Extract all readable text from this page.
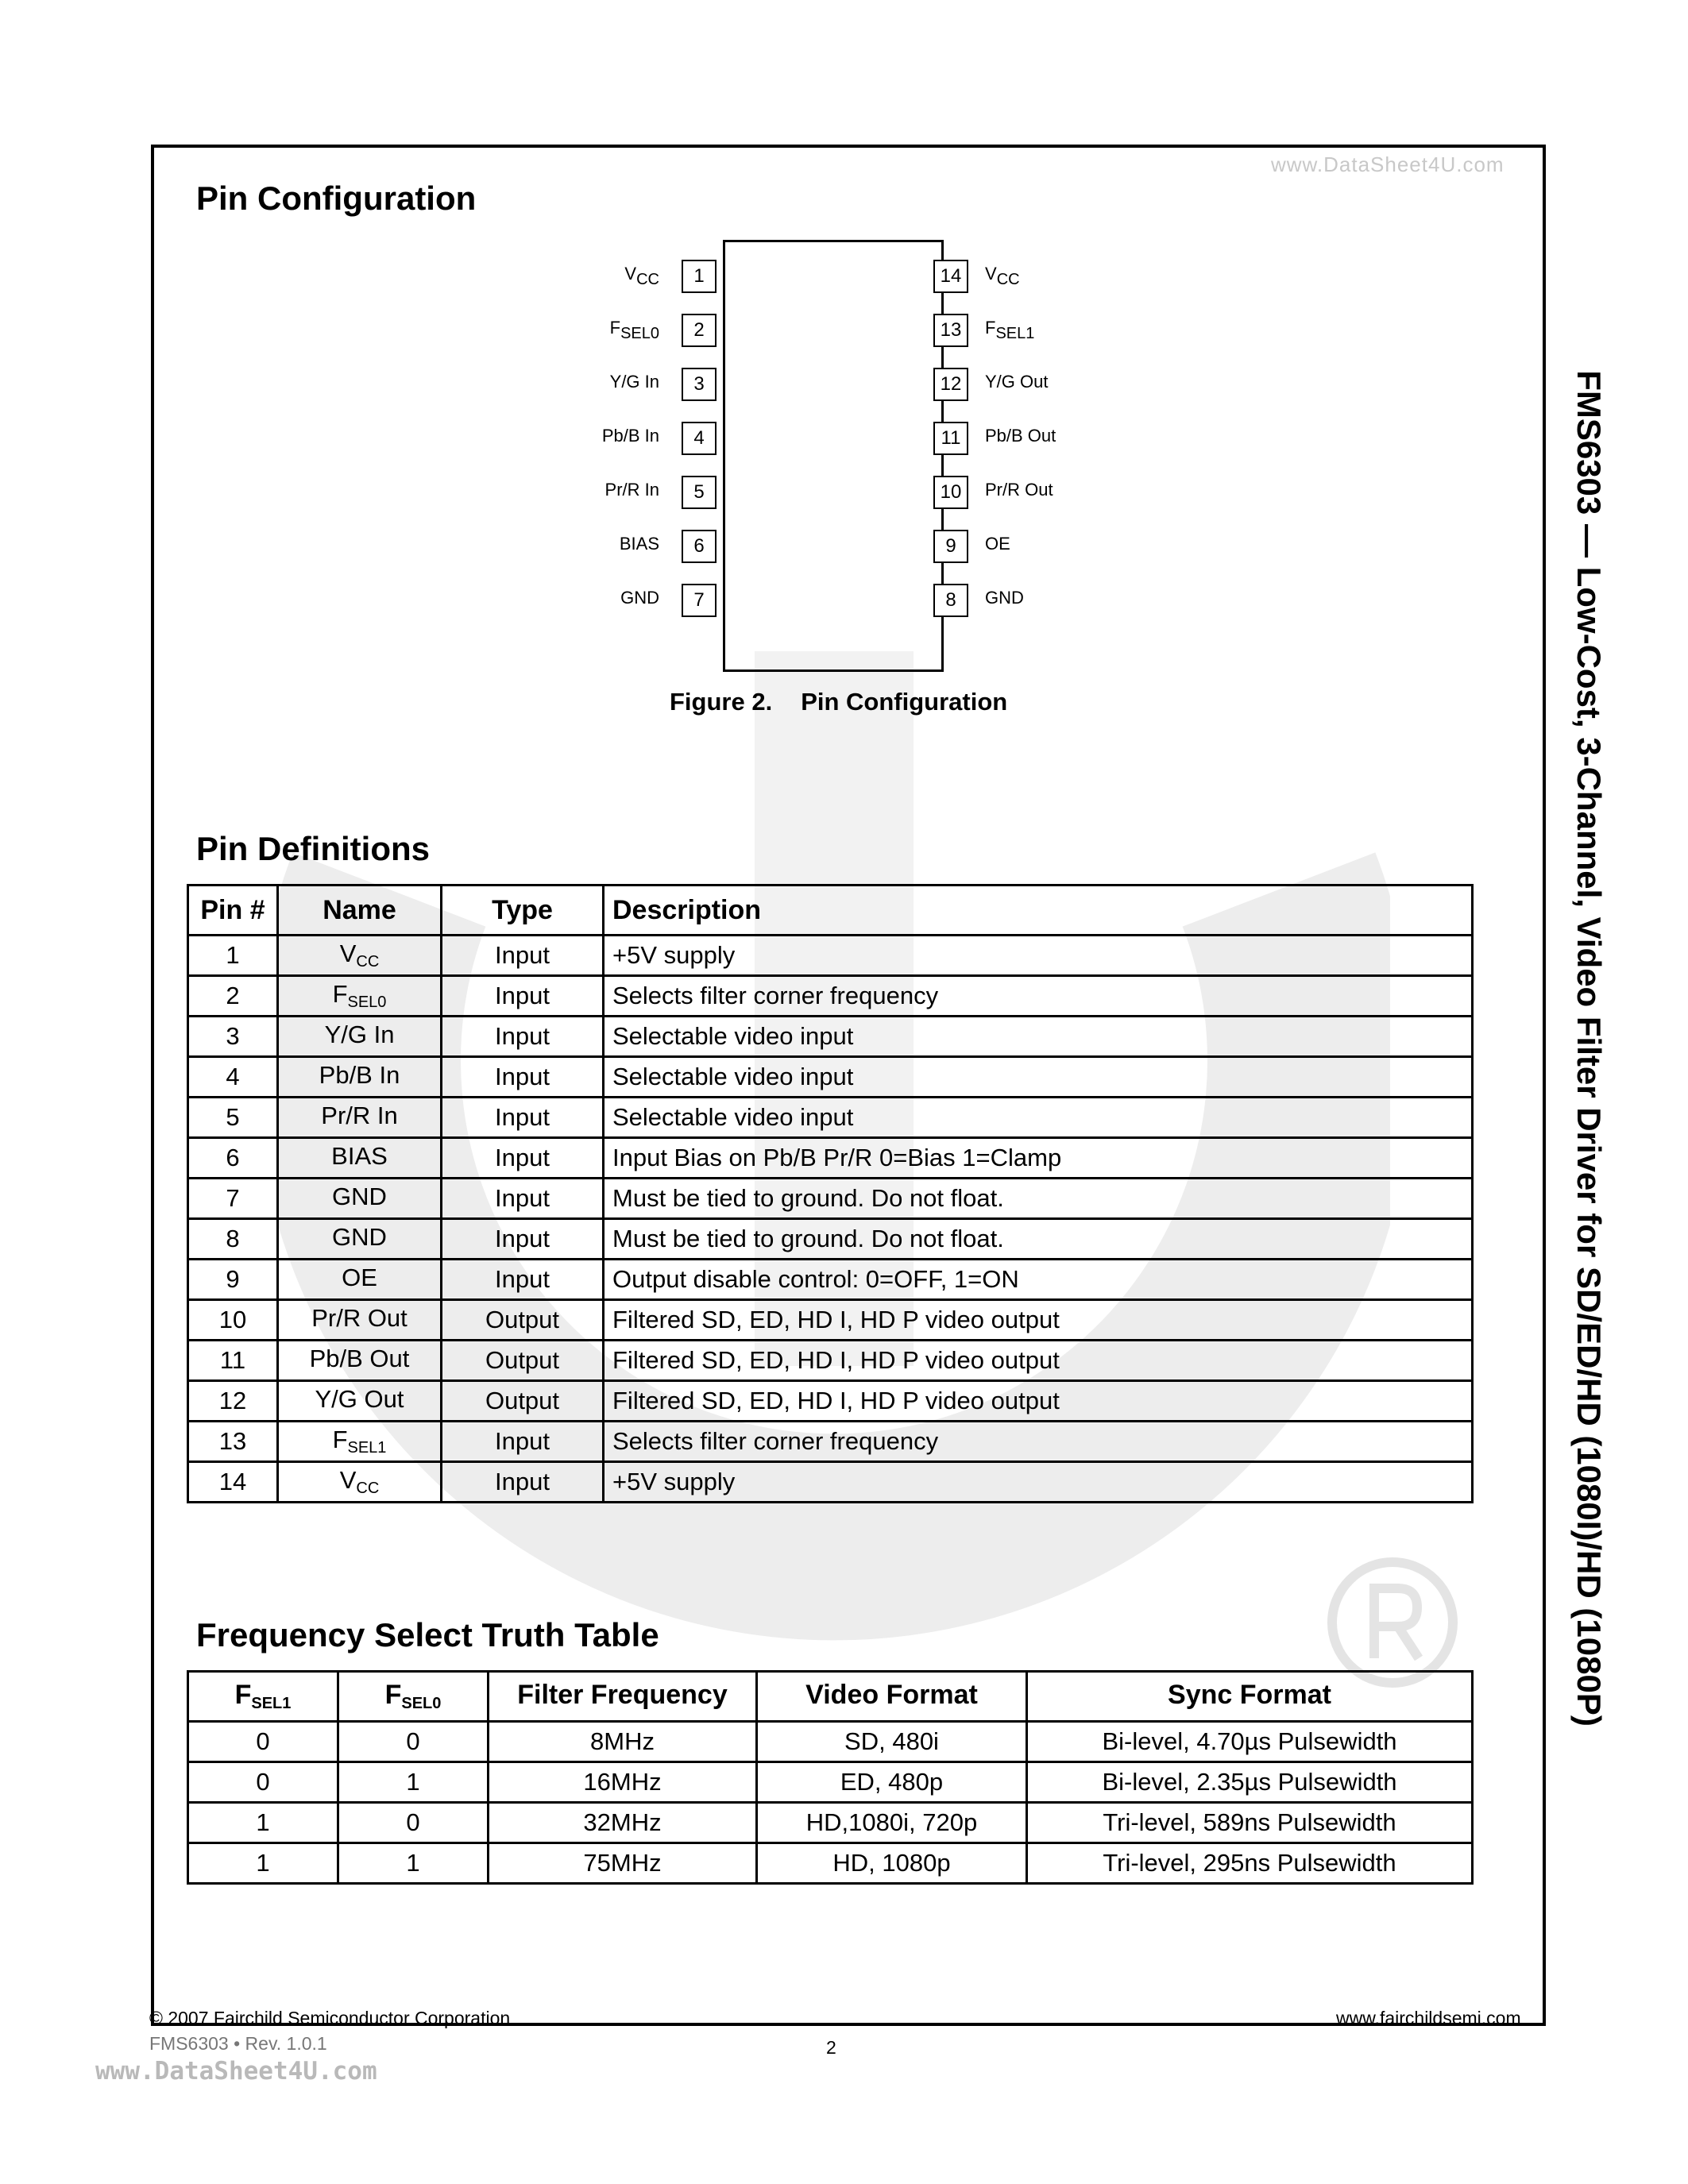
www.DataSheet4U.com
FMS6303 — Low-Cost, 3-Channel, Video Filter Driver for SD/ED/HD (1080I)/HD (1080P)
Pin Configuration
1
$V_{CC}$
2
$F_{SEL0}$
3
Y/G In
4
Pb/B In
5
Pr/R In
6
BIAS
7
GND
14	$V_{CC}$
13	$F_{SEL1}$
12	Y/G Out
11	Pb/B Out
10	Pr/R Out
9	OE
8	GND
Figure 2. Pin Configuration
Pin Definitions
Pin #	Name	Type	Description
1	$V_{CC}$	Input	+5V supply
2	$F_{SEL0}$	Input	Selects filter corner frequency
3	Y/G In	Input	Selectable video input
4	Pb/B In	Input	Selectable video input
5	Pr/R In	Input	Selectable video input
6	BIAS	Input	Input Bias on Pb/B Pr/R 0=Bias 1=Clamp
7	GND	Input	Must be tied to ground. Do not float.
8	GND	Input	Must be tied to ground. Do not float.
9	OE	Input	Output disable control: 0=OFF, 1=ON
10	Pr/R Out	Output	Filtered SD, ED, HD I, HD P video output
11	Pb/B Out	Output	Filtered SD, ED, HD I, HD P video output
12	Y/G Out	Output	Filtered SD, ED, HD I, HD P video output
13	$F_{SEL1}$	Input	Selects filter corner frequency
14	$V_{CC}$	Input	+5V supply
Frequency Select Truth Table
$F_{SEL1}$	$F_{SEL0}$	Filter Frequency	Video Format	Sync Format
0	0	8MHz	SD, 480i	Bi-level, 4.70µs Pulsewidth
0	1	16MHz	ED, 480p	Bi-level, 2.35µs Pulsewidth
1	0	32MHz	HD,1080i, 720p	Tri-level, 589ns Pulsewidth
1	1	75MHz	HD, 1080p	Tri-level, 295ns Pulsewidth
© 2007 Fairchild Semiconductor Corporation
FMS6303 • Rev. 1.0.1	2
www.fairchildsemi.com
www.DataSheet4U.com
